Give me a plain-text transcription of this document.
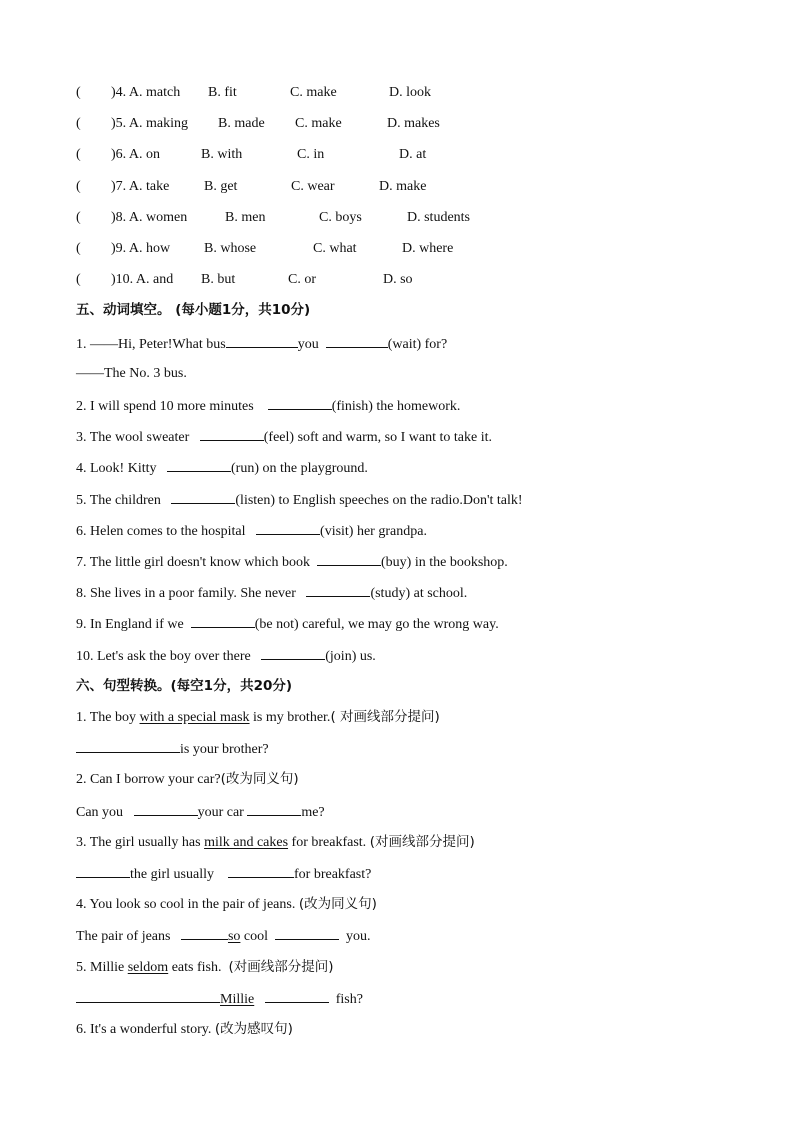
( )4. A. match B. fit	C. make	D. look
( )5. A. making B. made C. make	D. makes
( )6. A. on	B. with	C. in	D. at
( )7. A. take B. get	C. wear	D. make
( )8. A. women	B. men	C. boys	D. students
( )9. A. how B. whose	C. what	D. where
( )10. A. and B. but	C. or	D. so
五、动词填空。 (每小题1分，共10分)
1. ——Hi, Peter!What bus	you	(wait) for?
——The No. 3 bus.
2. I will spend 10 more minutes	(finish) the homework.
3. The wool sweater	(feel) soft and warm, so I want to take it.
4. Look! Kitty	(run) on the playground.
5. The children	(listen) to English speeches on the radio.Don't talk!
6. Helen comes to the hospital	(visit) her grandpa.
7. The little girl doesn't know which book	(buy) in the bookshop.
8. She lives in a poor family. She never	(study) at school.
9. In England if we	(be not) careful, we may go the wrong way.
10. Let's ask the boy over there	(join) us.
六、句型转换。(每空1分，共20分)
1. The boy with a special mask is my brother.( 对画线部分提问)
is your brother?
2. Can I borrow your car?(改为同义句)
Can you	your car	me?
3. The girl usually has milk and cakes for breakfast. (对画线部分提问)
the girl usually	for breakfast?
4. You look so cool in the pair of jeans. (改为同义句)
The pair of jeans	so cool	you.
5. Millie seldom eats fish. (对画线部分提问)
Millie	fish?
6. It's a wonderful story. (改为感叹句)
